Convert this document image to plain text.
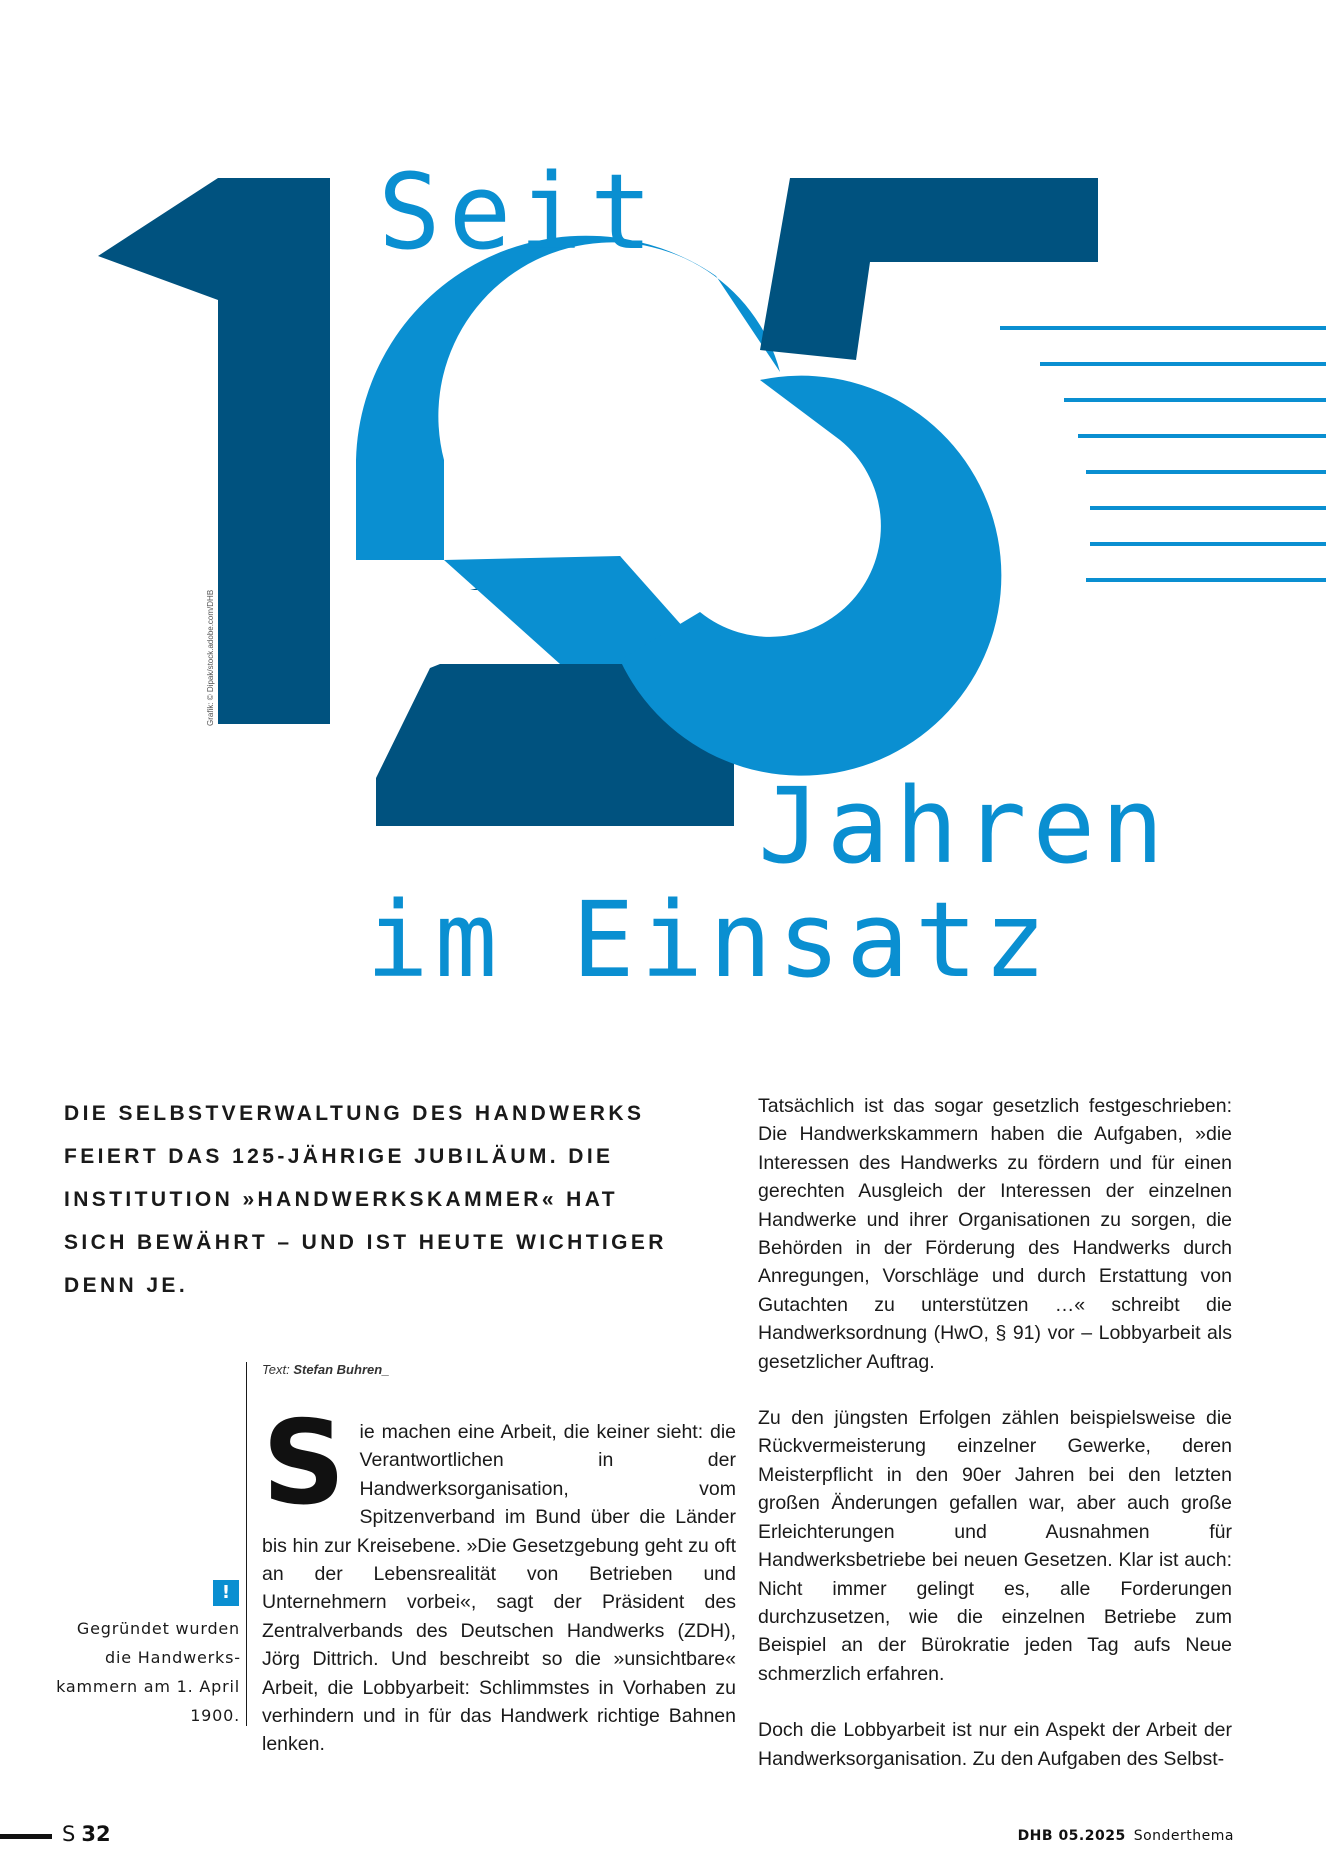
Seit
Jahren
im Einsatz
Grafik: © Dipak/stock.adobe.com/DHB

DIE SELBSTVERWALTUNG DES HANDWERKS FEIERT DAS 125-JÄHRIGE JUBILÄUM. DIE INSTITUTION »HANDWERKSKAMMER« HAT SICH BEWÄHRT – UND IST HEUTE WICHTIGER DENN JE.

Text: Stefan Buhren_

Sie machen eine Arbeit, die keiner sieht: die Verantwortlichen in der Handwerksorganisation, vom Spitzenverband im Bund über die Länder bis hin zur Kreisebene. »Die Gesetzgebung geht zu oft an der Lebensrealität von Betrieben und Unternehmern vorbei«, sagt der Präsident des Zentralverbands des Deutschen Handwerks (ZDH), Jörg Dittrich. Und beschreibt so die »unsichtbare« Arbeit, die Lobbyarbeit: Schlimmstes in Vorhaben zu verhindern und in für das Handwerk richtige Bahnen lenken.

Tatsächlich ist das sogar gesetzlich festgeschrieben: Die Handwerkskammern haben die Aufgaben, »die Interessen des Handwerks zu fördern und für einen gerechten Ausgleich der Interessen der einzelnen Handwerke und ihrer Organisationen zu sorgen, die Behörden in der Förderung des Handwerks durch Anregungen, Vorschläge und durch Erstattung von Gutachten zu unterstützen …« schreibt die Handwerksordnung (HwO, § 91) vor – Lobbyarbeit als gesetzlicher Auftrag.

Zu den jüngsten Erfolgen zählen beispielsweise die Rückvermeisterung einzelner Gewerke, deren Meisterpflicht in den 90er Jahren bei den letzten großen Änderungen gefallen war, aber auch große Erleichterungen und Ausnahmen für Handwerksbetriebe bei neuen Gesetzen. Klar ist auch: Nicht immer gelingt es, alle Forderungen durchzusetzen, wie die einzelnen Betriebe zum Beispiel an der Bürokratie jeden Tag aufs Neue schmerzlich erfahren.

Doch die Lobbyarbeit ist nur ein Aspekt der Arbeit der Handwerksorganisation. Zu den Aufgaben des Selbst-

!
Gegründet wurden die Handwerkskammern am 1. April 1900.
S 32	DHB 05.2025 Sonderthema
